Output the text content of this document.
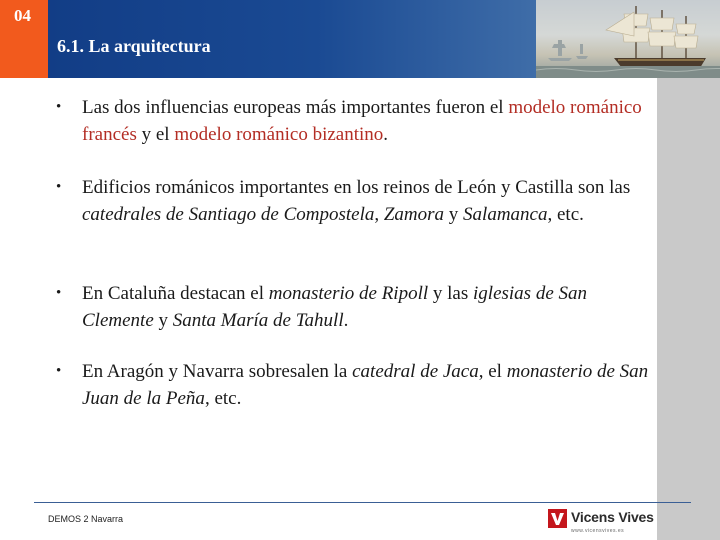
04
6.1. La arquitectura
•	Las dos influencias europeas más importantes fueron el modelo románico francés y el modelo románico bizantino.
•	Edificios románicos importantes en los reinos de León y Castilla son las catedrales de Santiago de Compostela, Zamora y Salamanca, etc.
•	En Cataluña destacan el monasterio de Ripoll y las iglesias de San Clemente y Santa María de Tahull.
•	En Aragón y Navarra sobresalen la catedral de Jaca, el monasterio de San Juan de la Peña, etc.
DEMOS 2 Navarra	Vicens Vives
www.vicensvives.es
